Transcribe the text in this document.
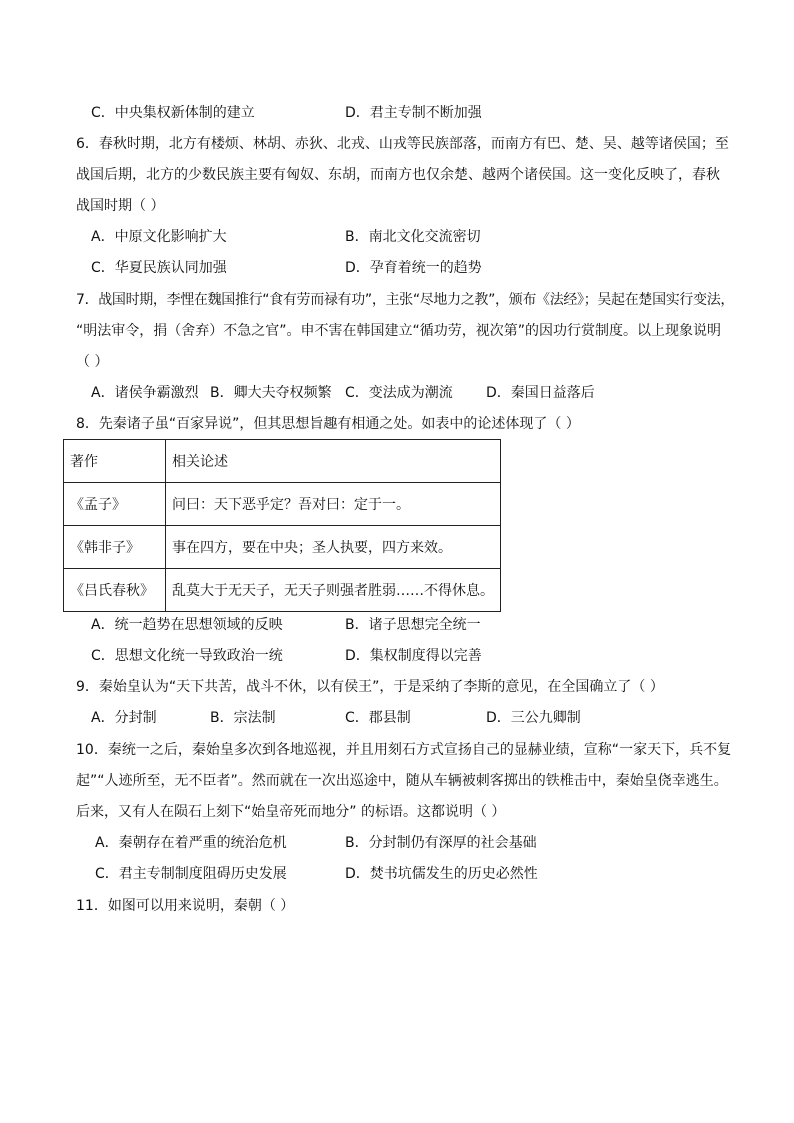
C．中央集权新体制的建立	D．君主专制不断加强
6．春秋时期，北方有楼烦、林胡、赤狄、北戎、山戎等民族部落，而南方有巴、楚、吴、越等诸侯国；至
战国后期，北方的少数民族主要有匈奴、东胡，而南方也仅余楚、越两个诸侯国。这一变化反映了，春秋
战国时期（ ）
A．中原文化影响扩大	B．南北文化交流密切
C．华夏民族认同加强	D．孕育着统一的趋势
7．战国时期，李悝在魏国推行“食有劳而禄有功”，主张“尽地力之教”，颁布《法经》；吴起在楚国实行变法，
“明法审令，捐（舍弃）不急之官”。申不害在韩国建立“循功劳，视次第”的因功行赏制度。以上现象说明
（ ）
A．诸侯争霸激烈 B．卿大夫夺权频繁 C．变法成为潮流 D．秦国日益落后
8．先秦诸子虽“百家异说”，但其思想旨趣有相通之处。如表中的论述体现了（ ）
著作	相关论述
《孟子》	问曰：天下恶乎定？吾对曰：定于一。
《韩非子》	事在四方，要在中央；圣人执要，四方来效。
《吕氏春秋》	乱莫大于无天子，无天子则强者胜弱……不得休息。
A．统一趋势在思想领域的反映	B．诸子思想完全统一
C．思想文化统一导致政治一统	D．集权制度得以完善
9．秦始皇认为“天下共苦，战斗不休，以有侯王”，于是采纳了李斯的意见，在全国确立了（ ）
A．分封制	B．宗法制	C．郡县制	D．三公九卿制
10．秦统一之后，秦始皇多次到各地巡视，并且用刻石方式宣扬自己的显赫业绩，宣称“一家天下，兵不复
起”“人迹所至，无不臣者”。然而就在一次出巡途中，随从车辆被刺客掷出的铁椎击中，秦始皇侥幸逃生。
后来，又有人在陨石上刻下“始皇帝死而地分” 的标语。这都说明（ ）
A．秦朝存在着严重的统治危机	B．分封制仍有深厚的社会基础
C．君主专制制度阻碍历史发展	D．焚书坑儒发生的历史必然性
11．如图可以用来说明，秦朝（ ）
